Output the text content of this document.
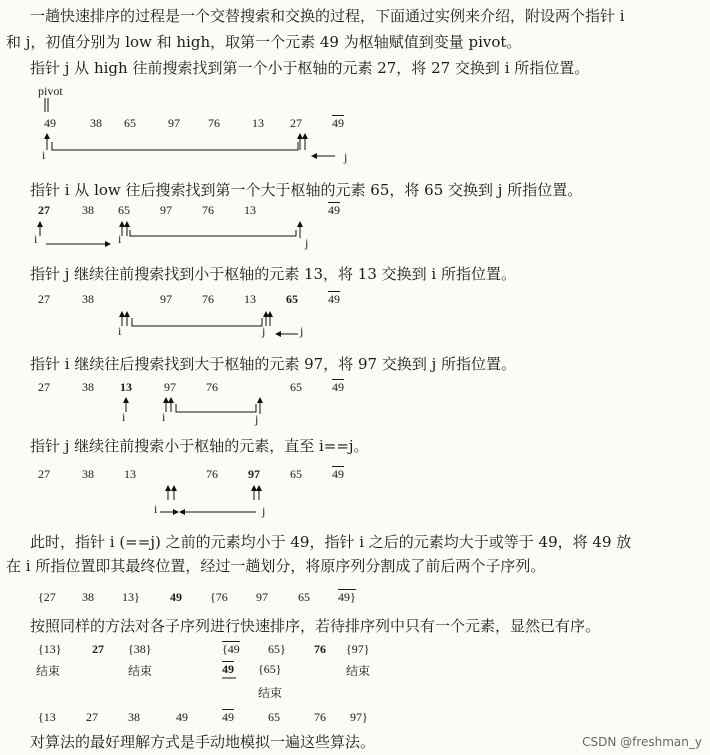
一趟快速排序的过程是一个交替搜索和交换的过程，下面通过实例来介绍，附设两个指针 i
和 j，初值分别为 low 和 high，取第一个元素 49 为枢轴赋值到变量 pivot。
指针 j 从 high 往前搜索找到第一个小于枢轴的元素 27，将 27 交换到 i 所指位置。
pivot
49	38 65	97 76	13 27	49
i	j
指针 i 从 low 往后搜索找到第一个大于枢轴的元素 65，将 65 交换到 j 所指位置。
27	38 65	97	76	13	49
i	i	j
指针 j 继续往前搜索找到小于枢轴的元素 13，将 13 交换到 i 所指位置。
27	38	97	76	13	65	49
i	j	j
指针 i 继续往后搜索找到大于枢轴的元素 97，将 97 交换到 j 所指位置。
27	38 13	97	76	65	49
i	i	j
指针 j 继续往前搜索小于枢轴的元素，直至 i==j。
27	38	13	76	97	65	49
i	j
此时，指针 i (==j) 之前的元素均小于 49，指针 i 之后的元素均大于或等于 49，将 49 放
在 i 所指位置即其最终位置，经过一趟划分，将原序列分割成了前后两个子序列。
{27 38 13}	49 {76 97	65 49}
按照同样的方法对各子序列进行快速排序，若待排序列中只有一个元素，显然已有序。
{13}	27 {38}	{49 65} 76 {97}
结束	结束	49 {65}	结束
结束
{13	27	38	49	49	65	76 97}
对算法的最好理解方式是手动地模拟一遍这些算法。	CSDN @freshman_y
